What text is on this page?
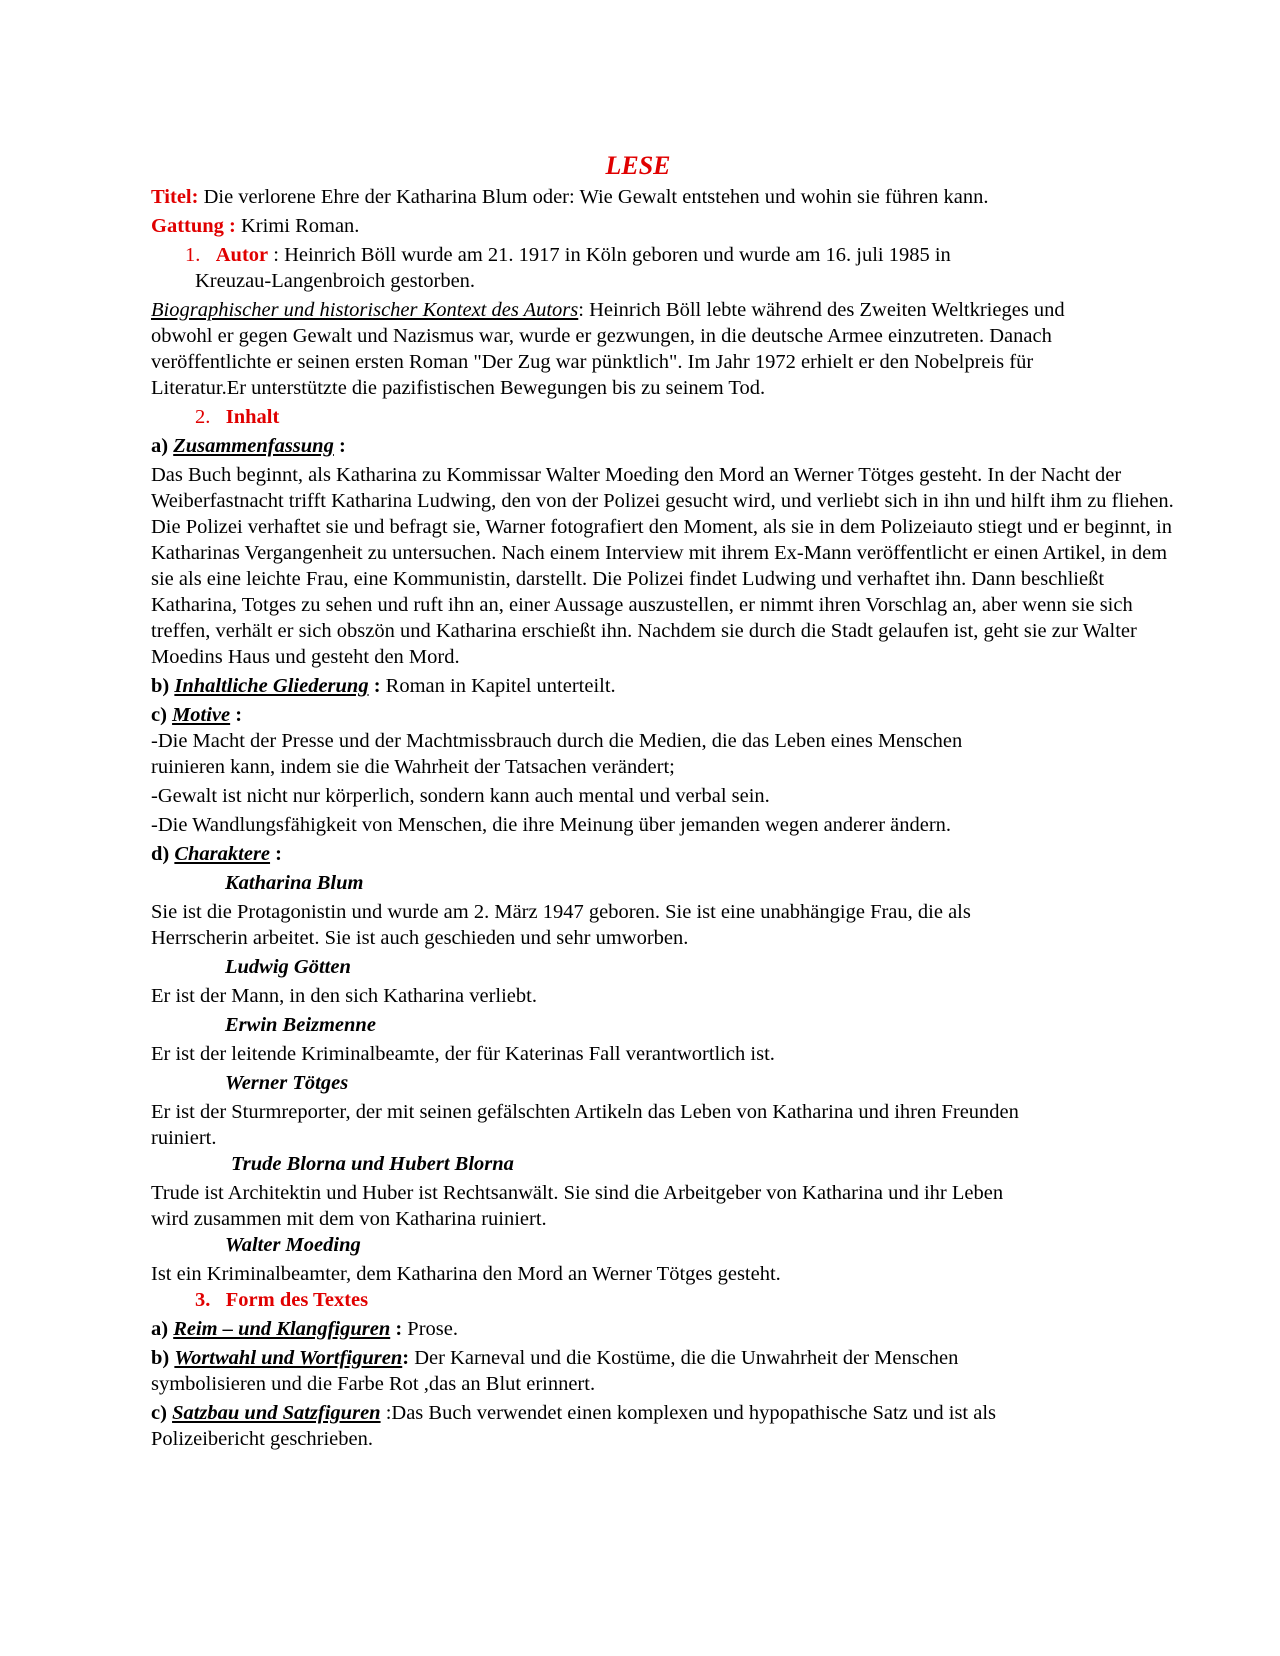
LESE

Titel: Die verlorene Ehre der Katharina Blum oder: Wie Gewalt entstehen und wohin sie führen kann.

Gattung : Krimi Roman.

1. Autor : Heinrich Böll wurde am 21. 1917 in Köln geboren und wurde am 16. juli 1985 in

Kreuzau-Langenbroich gestorben.

Biographischer und historischer Kontext des Autors: Heinrich Böll lebte während des Zweiten Weltkrieges und

obwohl er gegen Gewalt und Nazismus war, wurde er gezwungen, in die deutsche Armee einzutreten. Danach

veröffentlichte er seinen ersten Roman "Der Zug war pünktlich". Im Jahr 1972 erhielt er den Nobelpreis für

Literatur.Er unterstützte die pazifistischen Bewegungen bis zu seinem Tod.

2. Inhalt

a) Zusammenfassung :

Das Buch beginnt, als Katharina zu Kommissar Walter Moeding den Mord an Werner Tötges gesteht. In der Nacht der

Weiberfastnacht trifft Katharina Ludwing, den von der Polizei gesucht wird, und verliebt sich in ihn und hilft ihm zu fliehen.

Die Polizei verhaftet sie und befragt sie, Warner fotografiert den Moment, als sie in dem Polizeiauto stiegt und er beginnt, in

Katharinas Vergangenheit zu untersuchen. Nach einem Interview mit ihrem Ex-Mann veröffentlicht er einen Artikel, in dem

sie als eine leichte Frau, eine Kommunistin, darstellt. Die Polizei findet Ludwing und verhaftet ihn. Dann beschließt

Katharina, Totges zu sehen und ruft ihn an, einer Aussage auszustellen, er nimmt ihren Vorschlag an, aber wenn sie sich

treffen, verhält er sich obszön und Katharina erschießt ihn. Nachdem sie durch die Stadt gelaufen ist, geht sie zur Walter

Moedins Haus und gesteht den Mord.

b) Inhaltliche Gliederung : Roman in Kapitel unterteilt.

c) Motive :

-Die Macht der Presse und der Machtmissbrauch durch die Medien, die das Leben eines Menschen

ruinieren kann, indem sie die Wahrheit der Tatsachen verändert;

-Gewalt ist nicht nur körperlich, sondern kann auch mental und verbal sein.

-Die Wandlungsfähigkeit von Menschen, die ihre Meinung über jemanden wegen anderer ändern.

d) Charaktere :

Katharina Blum

Sie ist die Protagonistin und wurde am 2. März 1947 geboren. Sie ist eine unabhängige Frau, die als

Herrscherin arbeitet. Sie ist auch geschieden und sehr umworben.

Ludwig Götten

Er ist der Mann, in den sich Katharina verliebt.

Erwin Beizmenne

Er ist der leitende Kriminalbeamte, der für Katerinas Fall verantwortlich ist.

Werner Tötges

Er ist der Sturmreporter, der mit seinen gefälschten Artikeln das Leben von Katharina und ihren Freunden

ruiniert.

Trude Blorna und Hubert Blorna

Trude ist Architektin und Huber ist Rechtsanwält. Sie sind die Arbeitgeber von Katharina und ihr Leben

wird zusammen mit dem von Katharina ruiniert.

Walter Moeding

Ist ein Kriminalbeamter, dem Katharina den Mord an Werner Tötges gesteht.

3. Form des Textes

a) Reim – und Klangfiguren : Prose.

b) Wortwahl und Wortfiguren: Der Karneval und die Kostüme, die die Unwahrheit der Menschen

symbolisieren und die Farbe Rot ,das an Blut erinnert.

c) Satzbau und Satzfiguren :Das Buch verwendet einen komplexen und hypopathische Satz und ist als

Polizeibericht geschrieben.
